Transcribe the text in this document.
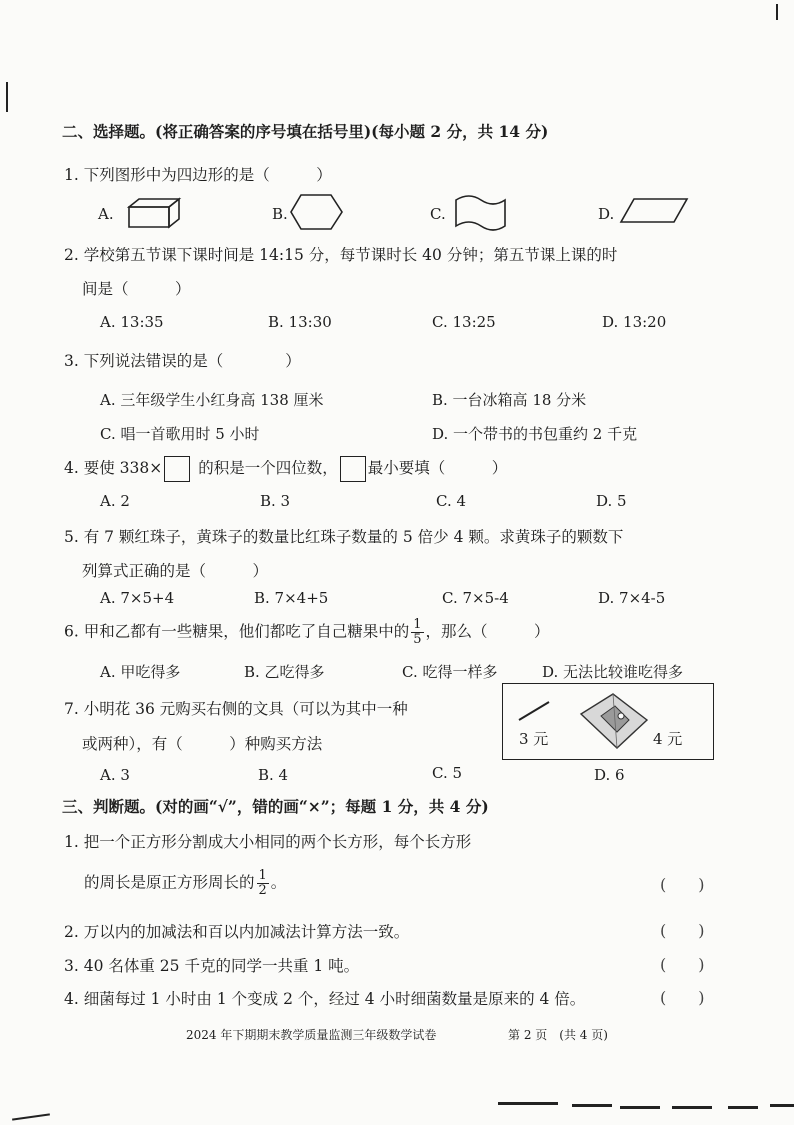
二、选择题。(将正确答案的序号填在括号里)(每小题 2 分，共 14 分)
1. 下列图形中为四边形的是（　　　）
A.	B.	C.	D.
2. 学校第五节课下课时间是 14:15 分，每节课时长 40 分钟；第五节课上课的时
间是（　　　）
A. 13:35	B. 13:30	C. 13:25	D. 13:20
3. 下列说法错误的是（　　　　）
A. 三年级学生小红身高 138 厘米	B. 一台冰箱高 18 分米
C. 唱一首歌用时 5 小时	D. 一个带书的书包重约 2 千克
4. 要使 338× 的积是一个四位数， 最小要填（　　　）
A. 2	B. 3	C. 4	D. 5
5. 有 7 颗红珠子，黄珠子的数量比红珠子数量的 5 倍少 4 颗。求黄珠子的颗数下
列算式正确的是（　　　）
A. 7×5+4	B. 7×4+5	C. 7×5-4	D. 7×4-5
6. 甲和乙都有一些糖果，他们都吃了自己糖果中的 $\frac{1}{5}$ ，那么（　　　）
A. 甲吃得多	B. 乙吃得多	C. 吃得一样多	D. 无法比较谁吃得多
7. 小明花 36 元购买右侧的文具（可以为其中一种
或两种），有（　　　）种购买方法	3 元	4 元
A. 3	B. 4	C. 5	D. 6
三、判断题。(对的画“√”，错的画“×”；每题 1 分，共 4 分)
1. 把一个正方形分割成大小相同的两个长方形，每个长方形
的周长是原正方形周长的 $\frac{1}{2}$ 。	(　　)
2. 万以内的加减法和百以内加减法计算方法一致。	(　　)
3. 40 名体重 25 千克的同学一共重 1 吨。	(　　)
4. 细菌每过 1 小时由 1 个变成 2 个，经过 4 小时细菌数量是原来的 4 倍。	(　　)
2024 年下期期末教学质量监测三年级数学试卷	第 2 页　(共 4 页)
